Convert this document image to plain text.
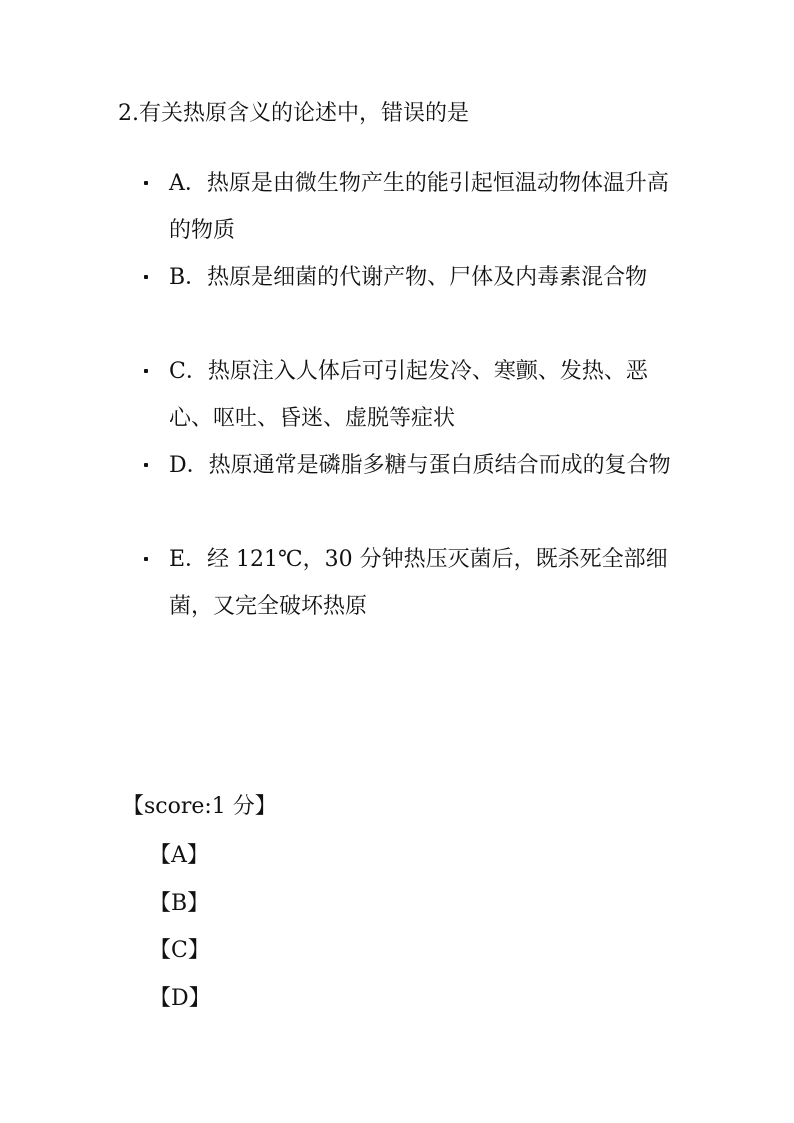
2.有关热原含义的论述中，错误的是
A．热原是由微生物产生的能引起恒温动物体温升高的物质
B．热原是细菌的代谢产物、尸体及内毒素混合物
C．热原注入人体后可引起发冷、寒颤、发热、恶心、呕吐、昏迷、虚脱等症状
D．热原通常是磷脂多糖与蛋白质结合而成的复合物
E．经 121℃，30 分钟热压灭菌后，既杀死全部细菌，又完全破坏热原
【score:1 分】
【A】
【B】
【C】
【D】
